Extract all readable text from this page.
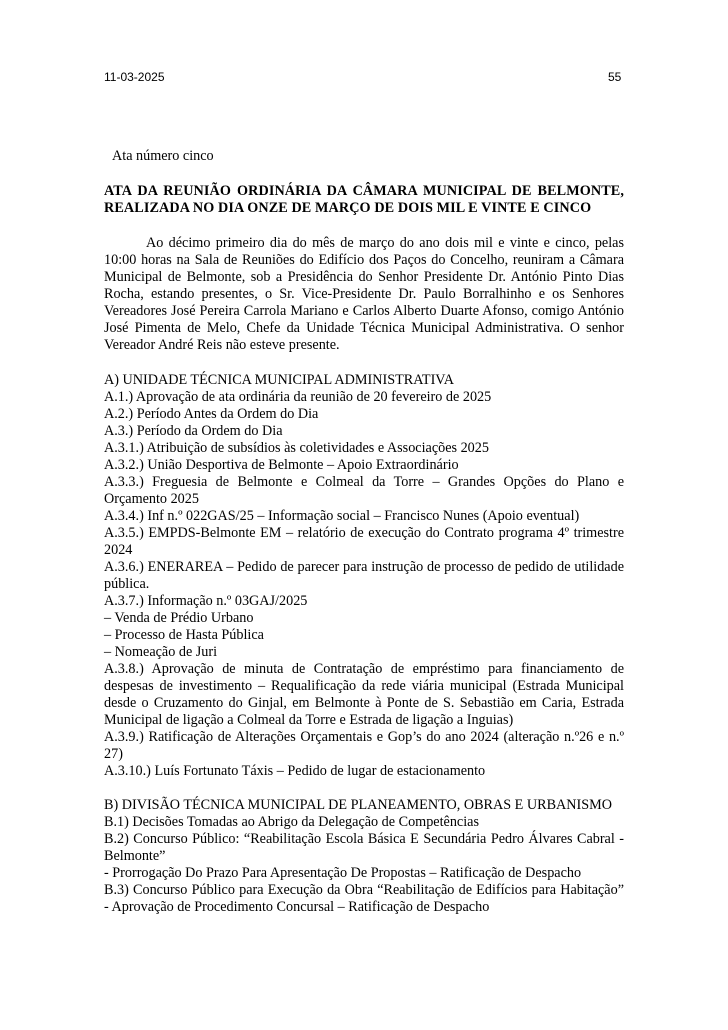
11-03-2025	55
Ata número cinco
ATA DA REUNIÃO ORDINÁRIA DA CÂMARA MUNICIPAL DE BELMONTE, REALIZADA NO DIA ONZE DE MARÇO DE DOIS MIL E VINTE E CINCO

Ao décimo primeiro dia do mês de março do ano dois mil e vinte e cinco, pelas 10:00 horas na Sala de Reuniões do Edifício dos Paços do Concelho, reuniram a Câmara Municipal de Belmonte, sob a Presidência do Senhor Presidente Dr. António Pinto Dias Rocha, estando presentes, o Sr. Vice-Presidente Dr. Paulo Borralhinho e os Senhores Vereadores José Pereira Carrola Mariano e Carlos Alberto Duarte Afonso, comigo António José Pimenta de Melo, Chefe da Unidade Técnica Municipal Administrativa. O senhor Vereador André Reis não esteve presente.

A) UNIDADE TÉCNICA MUNICIPAL ADMINISTRATIVA

A.1.) Aprovação de ata ordinária da reunião de 20 fevereiro de 2025

A.2.) Período Antes da Ordem do Dia

A.3.) Período da Ordem do Dia

A.3.1.) Atribuição de subsídios às coletividades e Associações 2025

A.3.2.) União Desportiva de Belmonte – Apoio Extraordinário

A.3.3.) Freguesia de Belmonte e Colmeal da Torre – Grandes Opções do Plano e Orçamento 2025

A.3.4.) Inf n.º 022GAS/25 – Informação social – Francisco Nunes (Apoio eventual)

A.3.5.) EMPDS-Belmonte EM – relatório de execução do Contrato programa 4º trimestre 2024

A.3.6.) ENERAREA – Pedido de parecer para instrução de processo de pedido de utilidade pública.

A.3.7.) Informação n.º 03GAJ/2025

– Venda de Prédio Urbano

– Processo de Hasta Pública

– Nomeação de Juri

A.3.8.) Aprovação de minuta de Contratação de empréstimo para financiamento de despesas de investimento – Requalificação da rede viária municipal (Estrada Municipal desde o Cruzamento do Ginjal, em Belmonte à Ponte de S. Sebastião em Caria, Estrada Municipal de ligação a Colmeal da Torre e Estrada de ligação a Inguias)

A.3.9.) Ratificação de Alterações Orçamentais e Gop’s do ano 2024 (alteração n.º26 e n.º 27)

A.3.10.) Luís Fortunato Táxis – Pedido de lugar de estacionamento

B) DIVISÃO TÉCNICA MUNICIPAL DE PLANEAMENTO, OBRAS E URBANISMO

B.1) Decisões Tomadas ao Abrigo da Delegação de Competências

B.2) Concurso Público: “Reabilitação Escola Básica E Secundária Pedro Álvares Cabral - Belmonte”

- Prorrogação Do Prazo Para Apresentação De Propostas – Ratificação de Despacho

B.3) Concurso Público para Execução da Obra “Reabilitação de Edifícios para Habitação” - Aprovação de Procedimento Concursal – Ratificação de Despacho
